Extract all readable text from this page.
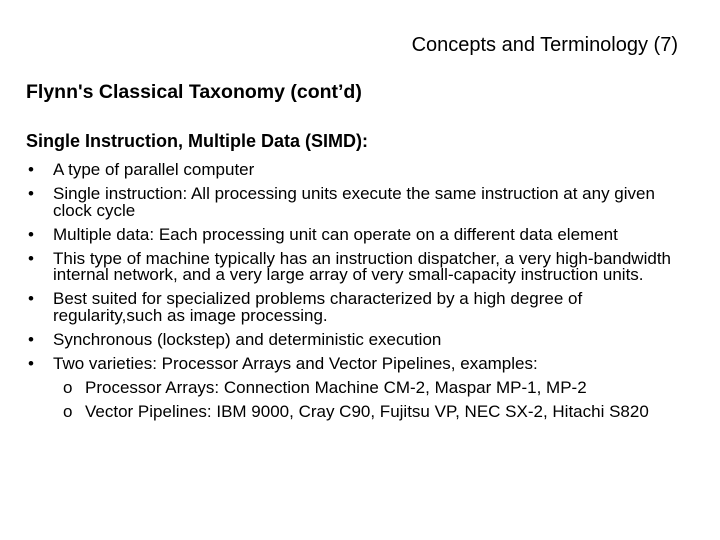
Concepts and Terminology (7)
Flynn's Classical Taxonomy (cont’d)
Single Instruction, Multiple Data (SIMD):
• A type of parallel computer
• Single instruction: All processing units execute the same instruction at any given clock cycle
• Multiple data: Each processing unit can operate on a different data element
• This type of machine typically has an instruction dispatcher, a very high-bandwidth internal network, and a very large array of very small-capacity instruction units.
• Best suited for specialized problems characterized by a high degree of regularity,such as image processing.
• Synchronous (lockstep) and deterministic execution
• Two varieties: Processor Arrays and Vector Pipelines, examples:
o Processor Arrays: Connection Machine CM-2, Maspar MP-1, MP-2
o Vector Pipelines: IBM 9000, Cray C90, Fujitsu VP, NEC SX-2, Hitachi S820
